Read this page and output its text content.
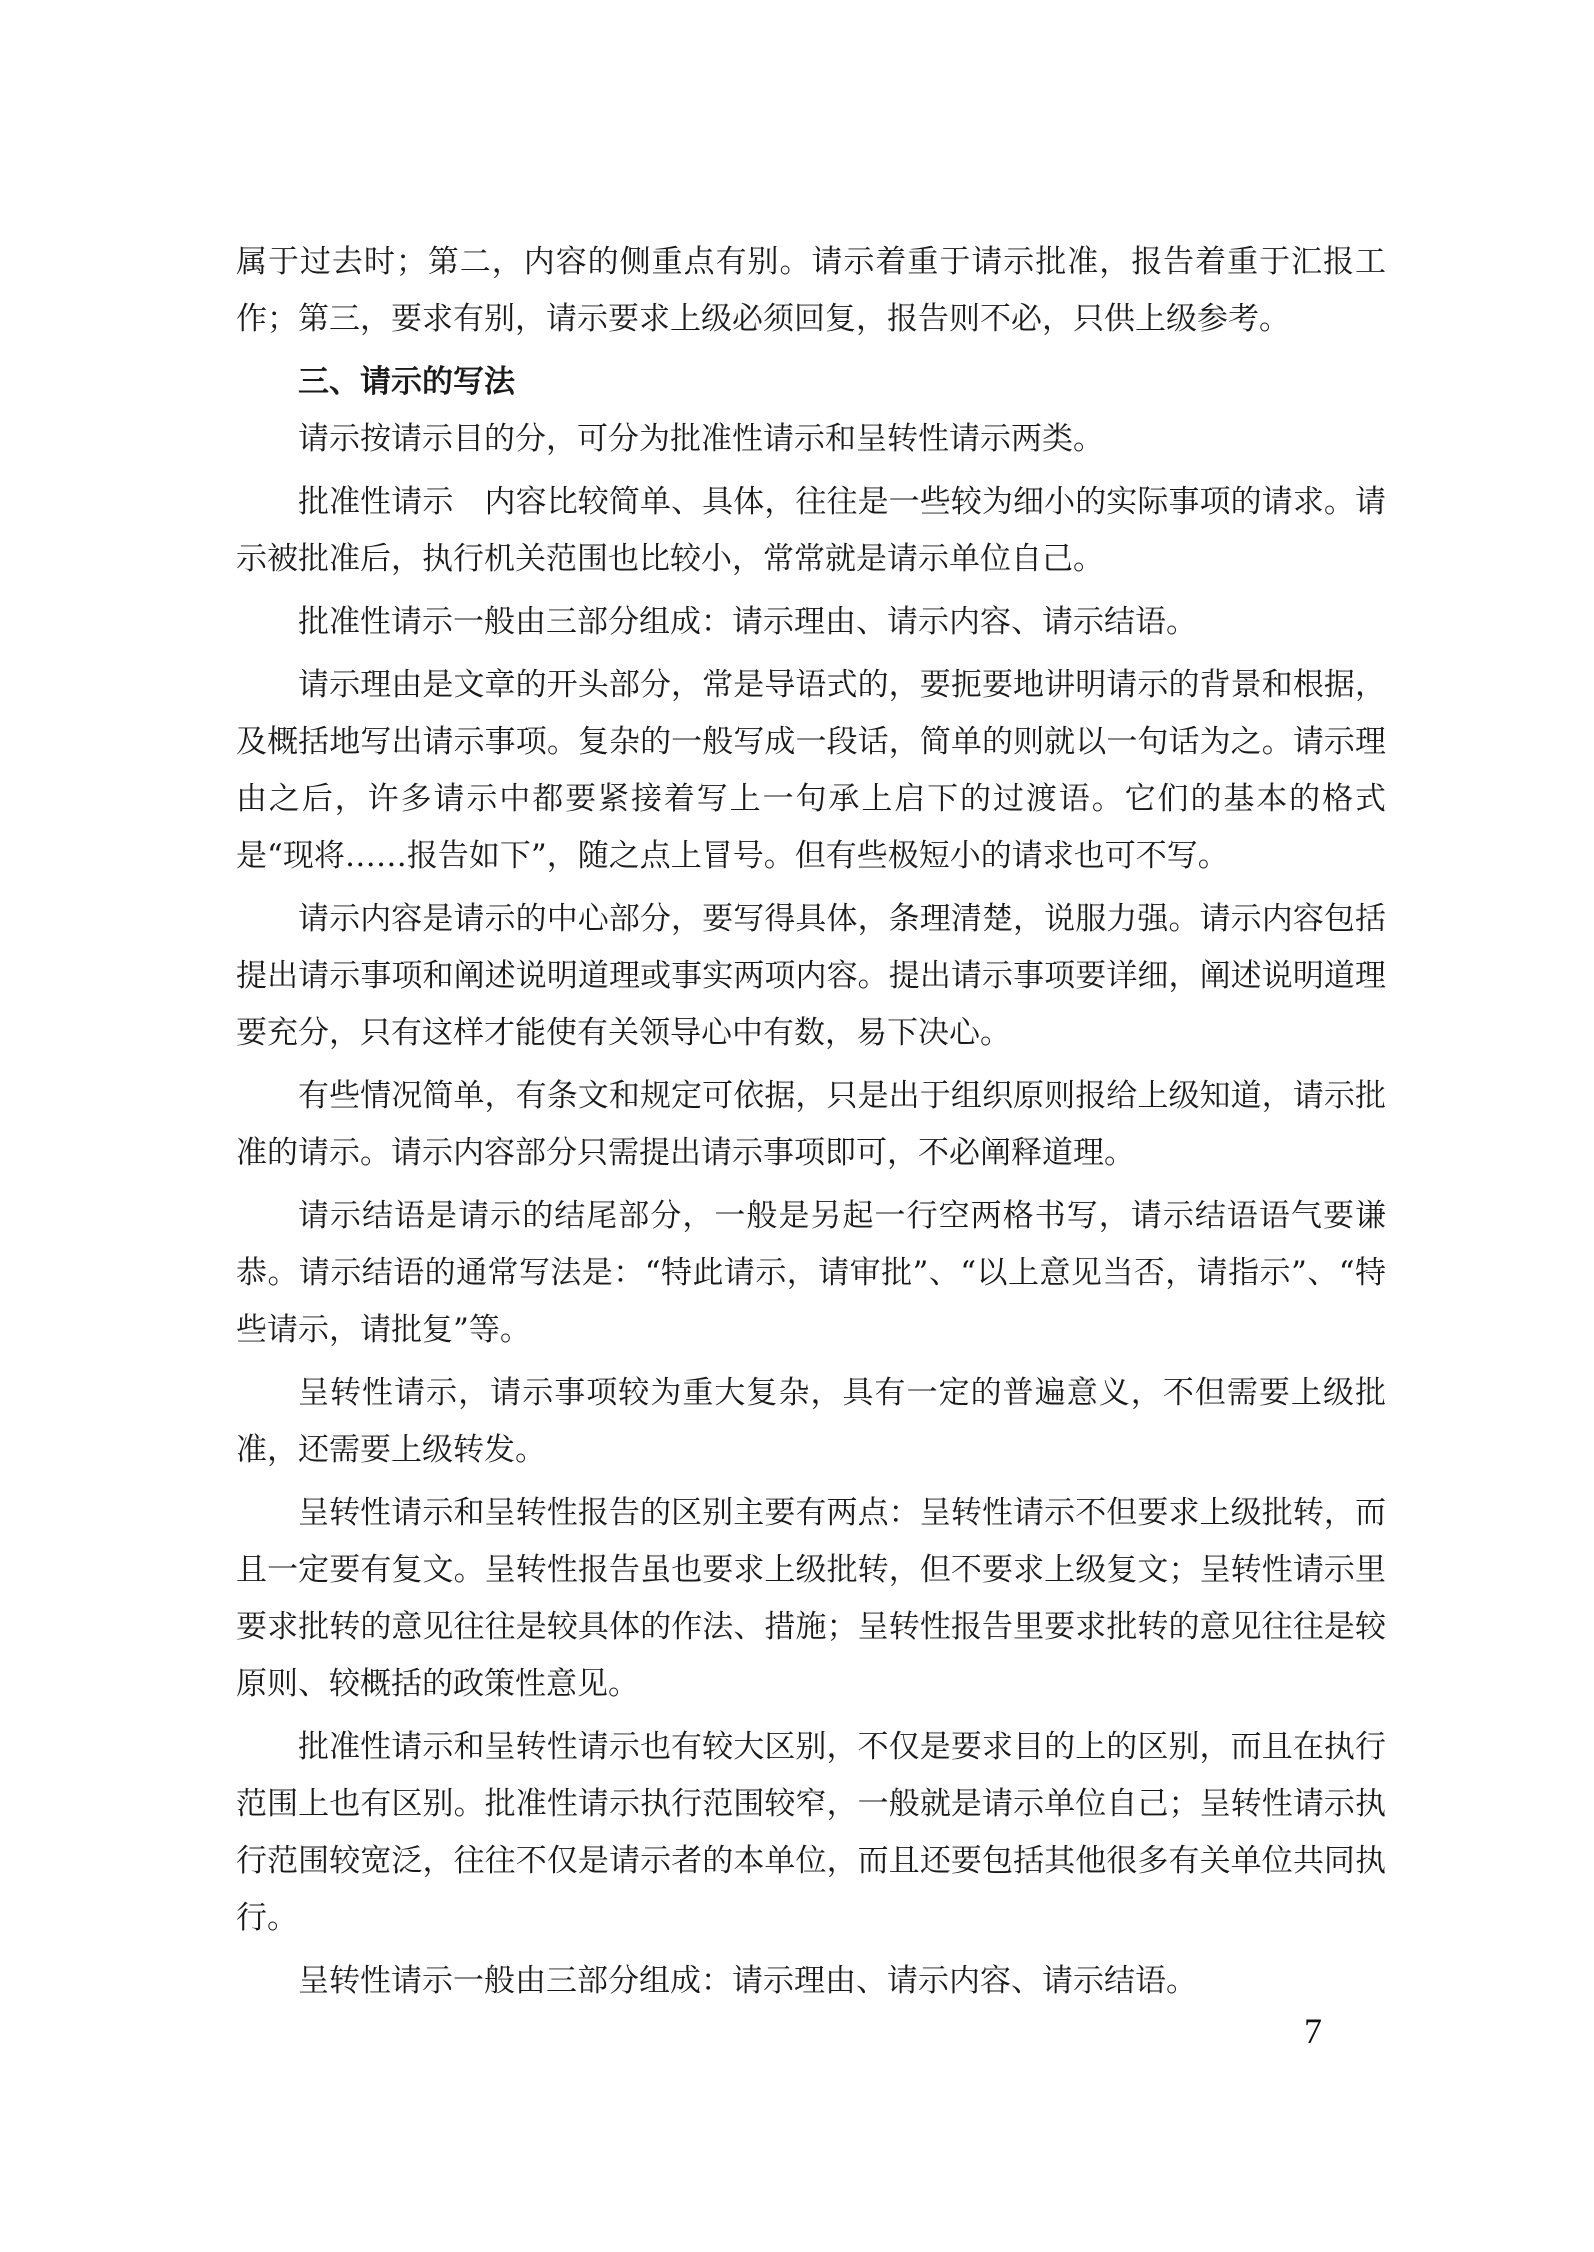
属于过去时；第二，内容的侧重点有别。请示着重于请示批准，报告着重于汇报工作；第三，要求有别，请示要求上级必须回复，报告则不必，只供上级参考。

三、请示的写法

请示按请示目的分，可分为批准性请示和呈转性请示两类。

批准性请示　内容比较简单、具体，往往是一些较为细小的实际事项的请求。请示被批准后，执行机关范围也比较小，常常就是请示单位自己。

批准性请示一般由三部分组成：请示理由、请示内容、请示结语。

请示理由是文章的开头部分，常是导语式的，要扼要地讲明请示的背景和根据，及概括地写出请示事项。复杂的一般写成一段话，简单的则就以一句话为之。请示理由之后，许多请示中都要紧接着写上一句承上启下的过渡语。它们的基本的格式是“现将……报告如下”，随之点上冒号。但有些极短小的请求也可不写。

请示内容是请示的中心部分，要写得具体，条理清楚，说服力强。请示内容包括提出请示事项和阐述说明道理或事实两项内容。提出请示事项要详细，阐述说明道理要充分，只有这样才能使有关领导心中有数，易下决心。

有些情况简单，有条文和规定可依据，只是出于组织原则报给上级知道，请示批准的请示。请示内容部分只需提出请示事项即可，不必阐释道理。

请示结语是请示的结尾部分，一般是另起一行空两格书写，请示结语语气要谦恭。请示结语的通常写法是：“特此请示，请审批”、“以上意见当否，请指示”、“特些请示，请批复”等。

呈转性请示，请示事项较为重大复杂，具有一定的普遍意义，不但需要上级批准，还需要上级转发。

呈转性请示和呈转性报告的区别主要有两点：呈转性请示不但要求上级批转，而且一定要有复文。呈转性报告虽也要求上级批转，但不要求上级复文；呈转性请示里要求批转的意见往往是较具体的作法、措施；呈转性报告里要求批转的意见往往是较原则、较概括的政策性意见。

批准性请示和呈转性请示也有较大区别，不仅是要求目的上的区别，而且在执行范围上也有区别。批准性请示执行范围较窄，一般就是请示单位自己；呈转性请示执行范围较宽泛，往往不仅是请示者的本单位，而且还要包括其他很多有关单位共同执行。

呈转性请示一般由三部分组成：请示理由、请示内容、请示结语。

7
